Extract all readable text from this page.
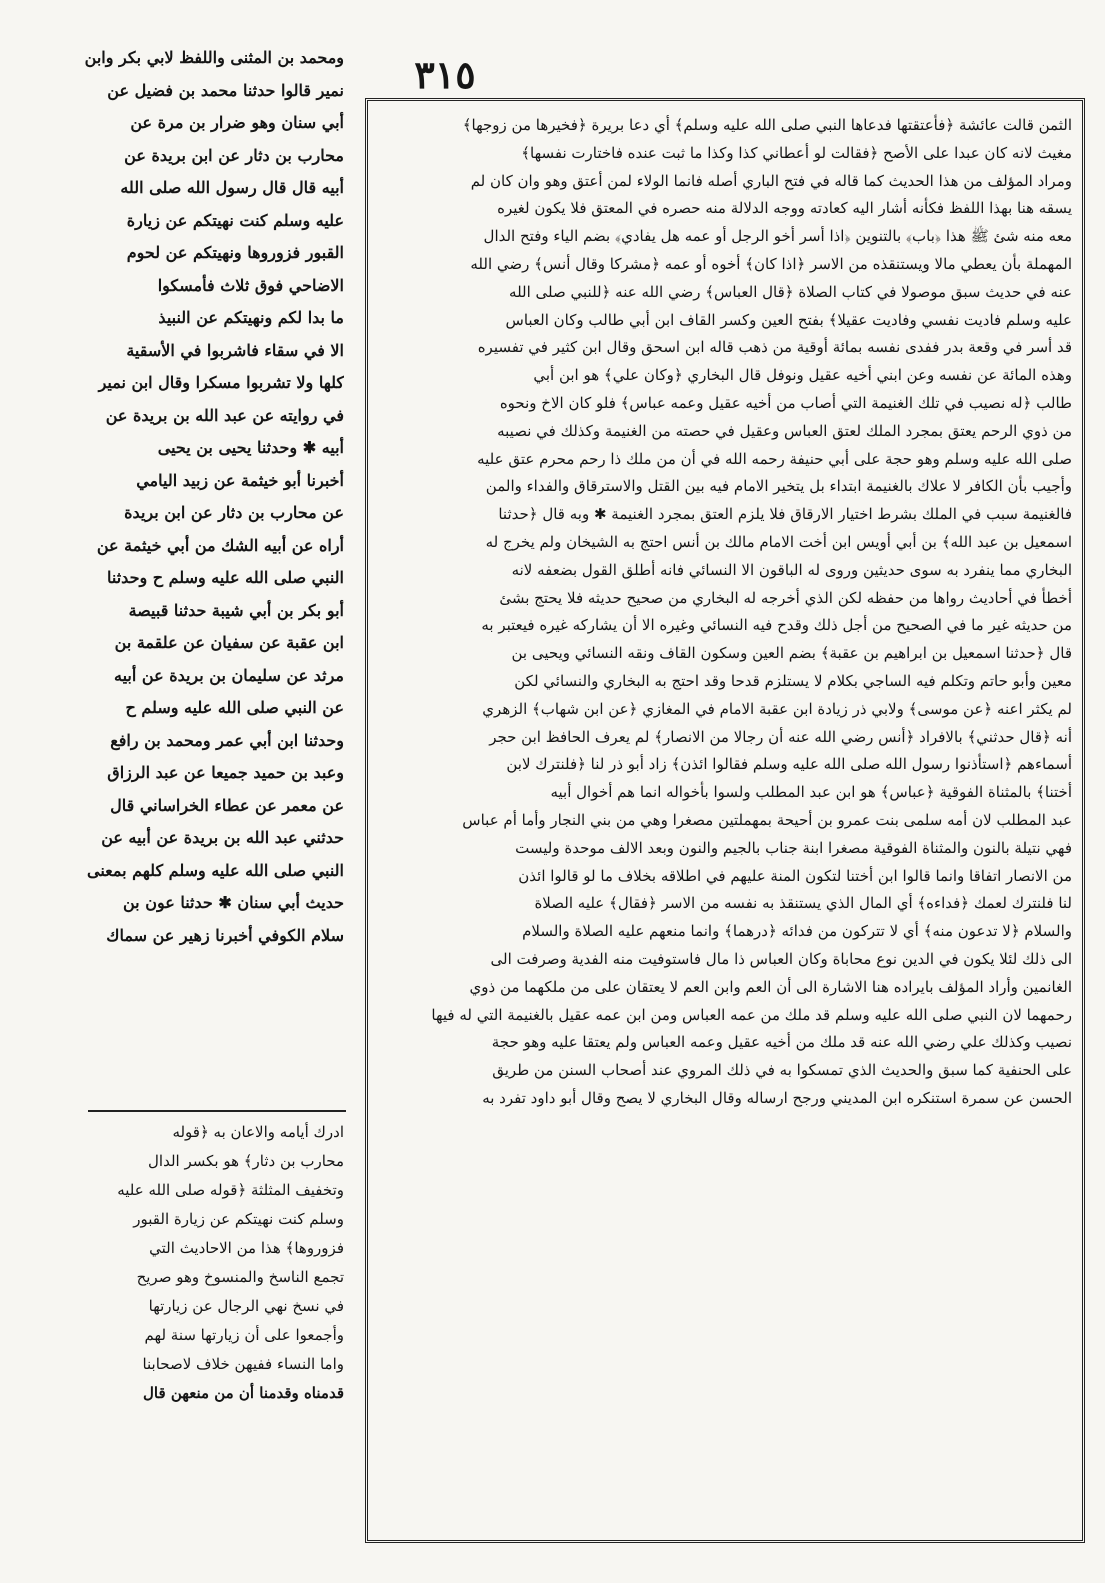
٣١٥
الثمن قالت عائشة ﴿فأعتقتها فدعاها النبي صلى الله عليه وسلم﴾ أي دعا بريرة ﴿فخيرها من زوجها﴾
مغيث لانه كان عبدا على الأصح ﴿فقالت لو أعطاني كذا وكذا ما ثبت عنده فاختارت نفسها﴾
ومراد المؤلف من هذا الحديث كما قاله في فتح الباري أصله فانما الولاء لمن أعتق وهو وان كان لم
يسقه هنا بهذا اللفظ فكأنه أشار اليه كعادته ووجه الدلالة منه حصره في المعتق فلا يكون لغيره
معه منه شئ ﷺ هذا ﴿باب﴾ بالتنوين ﴿اذا أسر أخو الرجل أو عمه هل يفادي﴾ بضم الياء وفتح الدال
المهملة بأن يعطي مالا ويستنقذه من الاسر ﴿اذا كان﴾ أخوه أو عمه ﴿مشركا وقال أنس﴾ رضي الله
عنه في حديث سبق موصولا في كتاب الصلاة ﴿قال العباس﴾ رضي الله عنه ﴿للنبي صلى الله
عليه وسلم فاديت نفسي وفاديت عقيلا﴾ بفتح العين وكسر القاف ابن أبي طالب وكان العباس
قد أسر في وقعة بدر ففدى نفسه بمائة أوقية من ذهب قاله ابن اسحق وقال ابن كثير في تفسيره
وهذه المائة عن نفسه وعن ابني أخيه عقيل ونوفل قال البخاري ﴿وكان علي﴾ هو ابن أبي
طالب ﴿له نصيب في تلك الغنيمة التي أصاب من أخيه عقيل وعمه عباس﴾ فلو كان الاخ ونحوه
من ذوي الرحم يعتق بمجرد الملك لعتق العباس وعقيل في حصته من الغنيمة وكذلك في نصيبه
صلى الله عليه وسلم وهو حجة على أبي حنيفة رحمه الله في أن من ملك ذا رحم محرم عتق عليه
وأجيب بأن الكافر لا علاك بالغنيمة ابتداء بل يتخير الامام فيه بين القتل والاسترقاق والفداء والمن
فالغنيمة سبب في الملك بشرط اختيار الارقاق فلا يلزم العتق بمجرد الغنيمة ✱ وبه قال ﴿حدثنا
اسمعيل بن عبد الله﴾ بن أبي أويس ابن أخت الامام مالك بن أنس احتج به الشيخان ولم يخرج له
البخاري مما ينفرد به سوى حديثين وروى له الباقون الا النسائي فانه أطلق القول بضعفه لانه
أخطأ في أحاديث رواها من حفظه لكن الذي أخرجه له البخاري من صحيح حديثه فلا يحتج بشئ
من حديثه غير ما في الصحيح من أجل ذلك وقدح فيه النسائي وغيره الا أن يشاركه غيره فيعتبر به
قال ﴿حدثنا اسمعيل بن ابراهيم بن عقبة﴾ بضم العين وسكون القاف ونقه النسائي ويحيى بن
معين وأبو حاتم وتكلم فيه الساجي بكلام لا يستلزم قدحا وقد احتج به البخاري والنسائي لكن
لم يكثر اعنه ﴿عن موسى﴾ ولابي ذر زيادة ابن عقبة الامام في المغازي ﴿عن ابن شهاب﴾ الزهري
أنه ﴿قال حدثني﴾ بالافراد ﴿أنس رضي الله عنه أن رجالا من الانصار﴾ لم يعرف الحافظ ابن حجر
أسماءهم ﴿استأذنوا رسول الله صلى الله عليه وسلم فقالوا ائذن﴾ زاد أبو ذر لنا ﴿فلنترك لابن
أختنا﴾ بالمثناة الفوقية ﴿عباس﴾ هو ابن عبد المطلب ولسوا بأخواله انما هم أخوال أبيه
عبد المطلب لان أمه سلمى بنت عمرو بن أحيحة بمهملتين مصغرا وهي من بني النجار وأما أم عباس
فهي نتيلة بالنون والمثناة الفوقية مصغرا ابنة جناب بالجيم والنون وبعد الالف موحدة وليست
من الانصار اتفاقا وانما قالوا ابن أختنا لتكون المنة عليهم في اطلاقه بخلاف ما لو قالوا ائذن
لنا فلنترك لعمك ﴿فداءه﴾ أي المال الذي يستنقذ به نفسه من الاسر ﴿فقال﴾ عليه الصلاة
والسلام ﴿لا تدعون منه﴾ أي لا تتركون من فدائه ﴿درهما﴾ وانما منعهم عليه الصلاة والسلام
الى ذلك لئلا يكون في الدين نوع محاباة وكان العباس ذا مال فاستوفيت منه الفدية وصرفت الى
الغانمين وأراد المؤلف بايراده هنا الاشارة الى أن العم وابن العم لا يعتقان على من ملكهما من ذوي
رحمهما لان النبي صلى الله عليه وسلم قد ملك من عمه العباس ومن ابن عمه عقيل بالغنيمة التي له فيها
نصيب وكذلك علي رضي الله عنه قد ملك من أخيه عقيل وعمه العباس ولم يعتقا عليه وهو حجة
على الحنفية كما سبق والحديث الذي تمسكوا به في ذلك المروي عند أصحاب السنن من طريق
الحسن عن سمرة استنكره ابن المديني ورجح ارساله وقال البخاري لا يصح وقال أبو داود تفرد به
ومحمد بن المثنى واللفظ لابي بكر وابن
نمير قالوا حدثنا محمد بن فضيل عن
أبي سنان وهو ضرار بن مرة عن
محارب بن دثار عن ابن بريدة عن
أبيه قال قال رسول الله صلى الله
عليه وسلم كنت نهيتكم عن زيارة
القبور فزوروها ونهيتكم عن لحوم
الاضاحي فوق ثلاث فأمسكوا
ما بدا لكم ونهيتكم عن النبيذ
الا في سقاء فاشربوا في الأسقية
كلها ولا تشربوا مسكرا وقال ابن نمير
في روايته عن عبد الله بن بريدة عن
أبيه ✱ وحدثنا يحيى بن يحيى
أخبرنا أبو خيثمة عن زبيد اليامي
عن محارب بن دثار عن ابن بريدة
أراه عن أبيه الشك من أبي خيثمة عن
النبي صلى الله عليه وسلم ح وحدثنا
أبو بكر بن أبي شيبة حدثنا قبيصة
ابن عقبة عن سفيان عن علقمة بن
مرثد عن سليمان بن بريدة عن أبيه
عن النبي صلى الله عليه وسلم ح
وحدثنا ابن أبي عمر ومحمد بن رافع
وعبد بن حميد جميعا عن عبد الرزاق
عن معمر عن عطاء الخراساني قال
حدثني عبد الله بن بريدة عن أبيه عن
النبي صلى الله عليه وسلم كلهم بمعنى
حديث أبي سنان ✱ حدثنا عون بن
سلام الكوفي أخبرنا زهير عن سماك
ادرك أيامه والاعان به ﴿قوله
محارب بن دثار﴾ هو بكسر الدال
وتخفيف المثلثة ﴿قوله صلى الله عليه
وسلم كنت نهيتكم عن زيارة القبور
فزوروها﴾ هذا من الاحاديث التي
تجمع الناسخ والمنسوخ وهو صريح
في نسخ نهي الرجال عن زيارتها
وأجمعوا على أن زيارتها سنة لهم
واما النساء ففيهن خلاف لاصحابنا
قدمناه وقدمنا أن من منعهن قال
